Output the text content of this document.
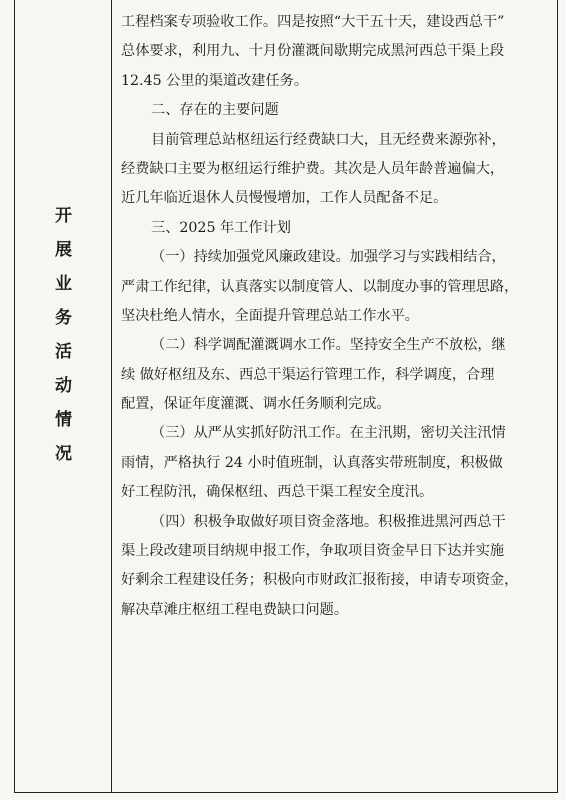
开
展
业
务
活
动
情
况
工程档案专项验收工作。四是按照“大干五十天，建设西总干”
总体要求，利用九、十月份灌溉间歇期完成黑河西总干渠上段
12.45 公里的渠道改建任务。
二、存在的主要问题
目前管理总站枢纽运行经费缺口大，且无经费来源弥补，
经费缺口主要为枢纽运行维护费。其次是人员年龄普遍偏大，
近几年临近退休人员慢慢增加，工作人员配备不足。
三、2025 年工作计划
（一）持续加强党风廉政建设。加强学习与实践相结合，
严肃工作纪律，认真落实以制度管人、以制度办事的管理思路，
坚决杜绝人情水，全面提升管理总站工作水平。
（二）科学调配灌溉调水工作。坚持安全生产不放松，继
续 做好枢纽及东、西总干渠运行管理工作，科学调度，合理
配置，保证年度灌溉、调水任务顺利完成。
（三）从严从实抓好防汛工作。在主汛期，密切关注汛情
雨情，严格执行 24 小时值班制，认真落实带班制度，积极做
好工程防汛，确保枢纽、西总干渠工程安全度汛。
（四）积极争取做好项目资金落地。积极推进黑河西总干
渠上段改建项目纳规申报工作，争取项目资金早日下达并实施
好剩余工程建设任务；积极向市财政汇报衔接，申请专项资金，
解决草滩庄枢纽工程电费缺口问题。
